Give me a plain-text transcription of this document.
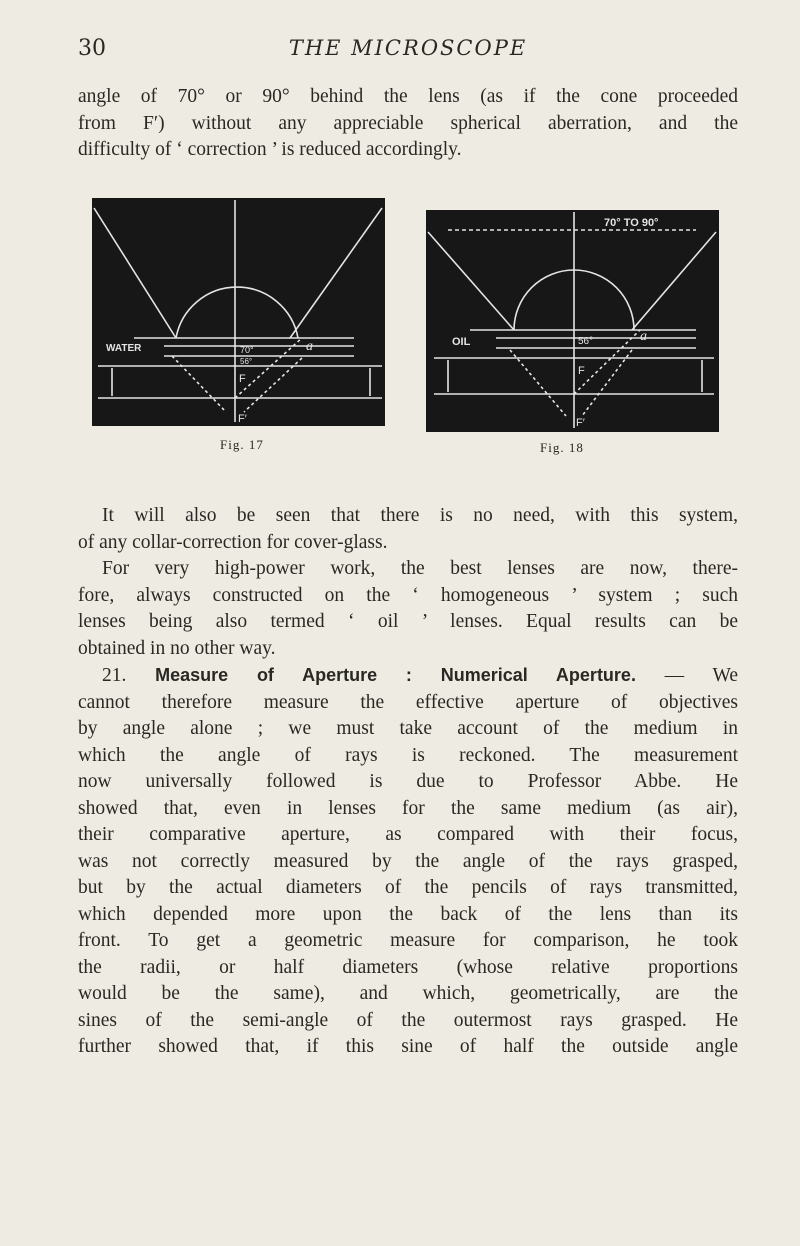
30	THE MICROSCOPE
angle of 70° or 90° behind the lens (as if the cone proceeded
from F′) without any appreciable spherical aberration, and the
difficulty of ‘ correction ’ is reduced accordingly.
WATER	70°
56°
a
F
F′
Fig. 17
70° TO 90°
OIL	56°	a
F
F′
Fig. 18
It will also be seen that there is no need, with this system,
of any collar-correction for cover-glass.
For very high-power work, the best lenses are now, there-
fore, always constructed on the ‘ homogeneous ’ system ; such
lenses being also termed ‘ oil ’ lenses. Equal results can be
obtained in no other way.
21. Measure of Aperture : Numerical Aperture. — We
cannot therefore measure the effective aperture of objectives
by angle alone ; we must take account of the medium in
which the angle of rays is reckoned. The measurement
now universally followed is due to Professor Abbe. He
showed that, even in lenses for the same medium (as air),
their comparative aperture, as compared with their focus,
was not correctly measured by the angle of the rays grasped,
but by the actual diameters of the pencils of rays transmitted,
which depended more upon the back of the lens than its
front. To get a geometric measure for comparison, he took
the radii, or half diameters (whose relative proportions
would be the same), and which, geometrically, are the
sines of the semi-angle of the outermost rays grasped. He
further showed that, if this sine of half the outside angle
